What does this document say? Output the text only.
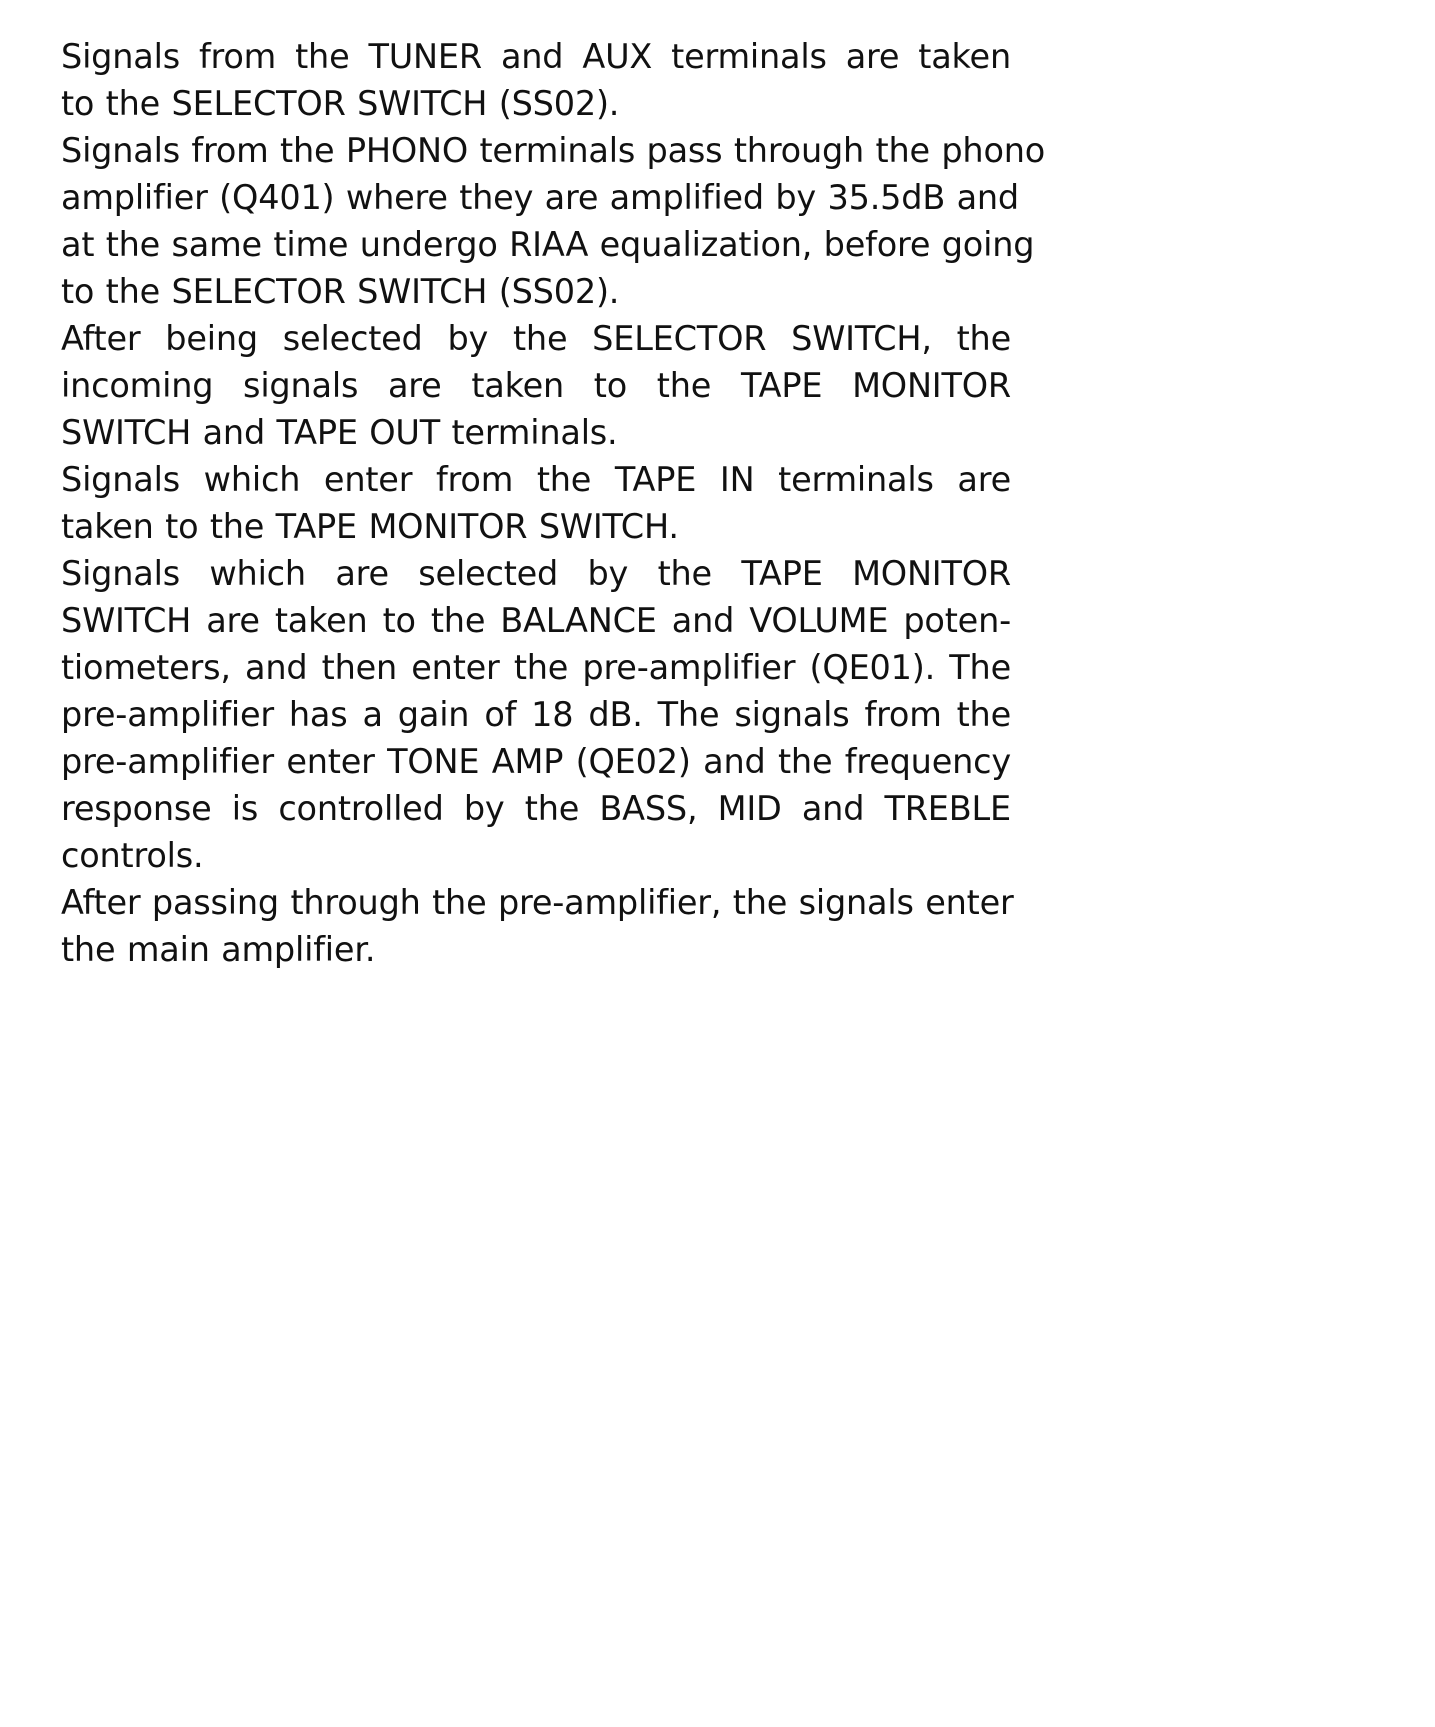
Signals from the TUNER and AUX terminals are taken
to the SELECTOR SWITCH (SS02).
Signals from the PHONO terminals pass through the phono
amplifier (Q401) where they are amplified by 35.5dB and
at the same time undergo RIAA equalization, before going
to the SELECTOR SWITCH (SS02).
After being selected by the SELECTOR SWITCH, the
incoming signals are taken to the TAPE MONITOR
SWITCH and TAPE OUT terminals.
Signals which enter from the TAPE IN terminals are
taken to the TAPE MONITOR SWITCH.
Signals which are selected by the TAPE MONITOR
SWITCH are taken to the BALANCE and VOLUME poten-
tiometers, and then enter the pre-amplifier (QE01). The
pre-amplifier has a gain of 18 dB. The signals from the
pre-amplifier enter TONE AMP (QE02) and the frequency
response is controlled by the BASS, MID and TREBLE
controls.
After passing through the pre-amplifier, the signals enter
the main amplifier.
